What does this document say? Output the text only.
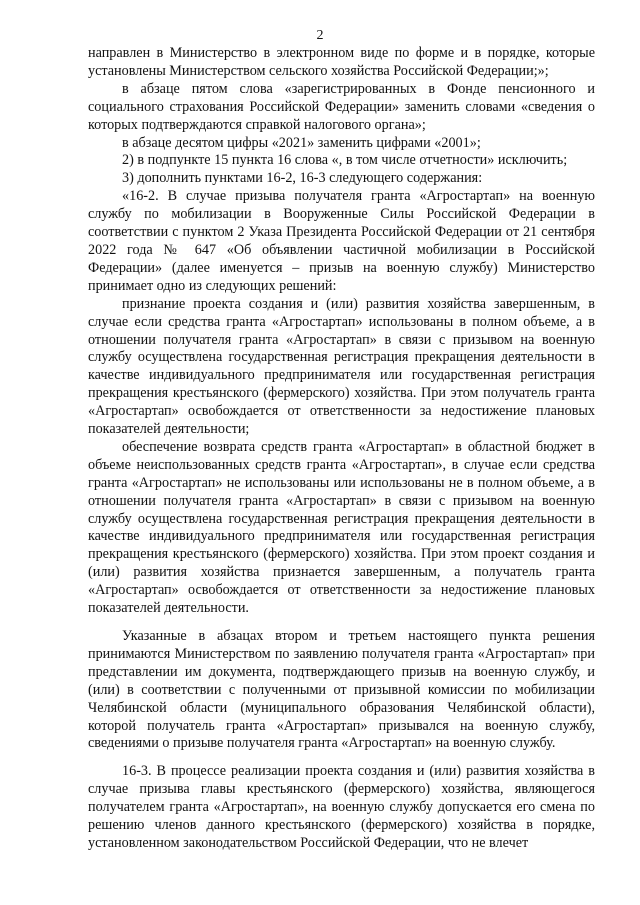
2

направлен в Министерство в электронном виде по форме и в порядке, которые установлены Министерством сельского хозяйства Российской Федерации;»;

в абзаце пятом слова «зарегистрированных в Фонде пенсионного и социального страхования Российской Федерации» заменить словами «сведения о которых подтверждаются справкой налогового органа»;

в абзаце десятом цифры «2021» заменить цифрами «2001»;

2) в подпункте 15 пункта 16 слова «, в том числе отчетности» исключить;

3) дополнить пунктами 16-2, 16-3 следующего содержания:

«16-2. В случае призыва получателя гранта «Агростартап» на военную службу по мобилизации в Вооруженные Силы Российской Федерации в соответствии с пунктом 2 Указа Президента Российской Федерации от 21 сентября 2022 года № 647 «Об объявлении частичной мобилизации в Российской Федерации» (далее именуется – призыв на военную службу) Министерство принимает одно из следующих решений:

признание проекта создания и (или) развития хозяйства завершенным, в случае если средства гранта «Агростартап» использованы в полном объеме, а в отношении получателя гранта «Агростартап» в связи с призывом на военную службу осуществлена государственная регистрация прекращения деятельности в качестве индивидуального предпринимателя или государственная регистрация прекращения крестьянского (фермерского) хозяйства. При этом получатель гранта «Агростартап» освобождается от ответственности за недостижение плановых показателей деятельности;

обеспечение возврата средств гранта «Агростартап» в областной бюджет в объеме неиспользованных средств гранта «Агростартап», в случае если средства гранта «Агростартап» не использованы или использованы не в полном объеме, а в отношении получателя гранта «Агростартап» в связи с призывом на военную службу осуществлена государственная регистрация прекращения деятельности в качестве индивидуального предпринимателя или государственная регистрация прекращения крестьянского (фермерского) хозяйства. При этом проект создания и (или) развития хозяйства признается завершенным, а получатель гранта «Агростартап» освобождается от ответственности за недостижение плановых показателей деятельности.

Указанные в абзацах втором и третьем настоящего пункта решения принимаются Министерством по заявлению получателя гранта «Агростартап» при представлении им документа, подтверждающего призыв на военную службу, и (или) в соответствии с полученными от призывной комиссии по мобилизации Челябинской области (муниципального образования Челябинской области), которой получатель гранта «Агростартап» призывался на военную службу, сведениями о призыве получателя гранта «Агростартап» на военную службу.

16-3. В процессе реализации проекта создания и (или) развития хозяйства в случае призыва главы крестьянского (фермерского) хозяйства, являющегося получателем гранта «Агростартап», на военную службу допускается его смена по решению членов данного крестьянского (фермерского) хозяйства в порядке, установленном законодательством Российской Федерации, что не влечет
